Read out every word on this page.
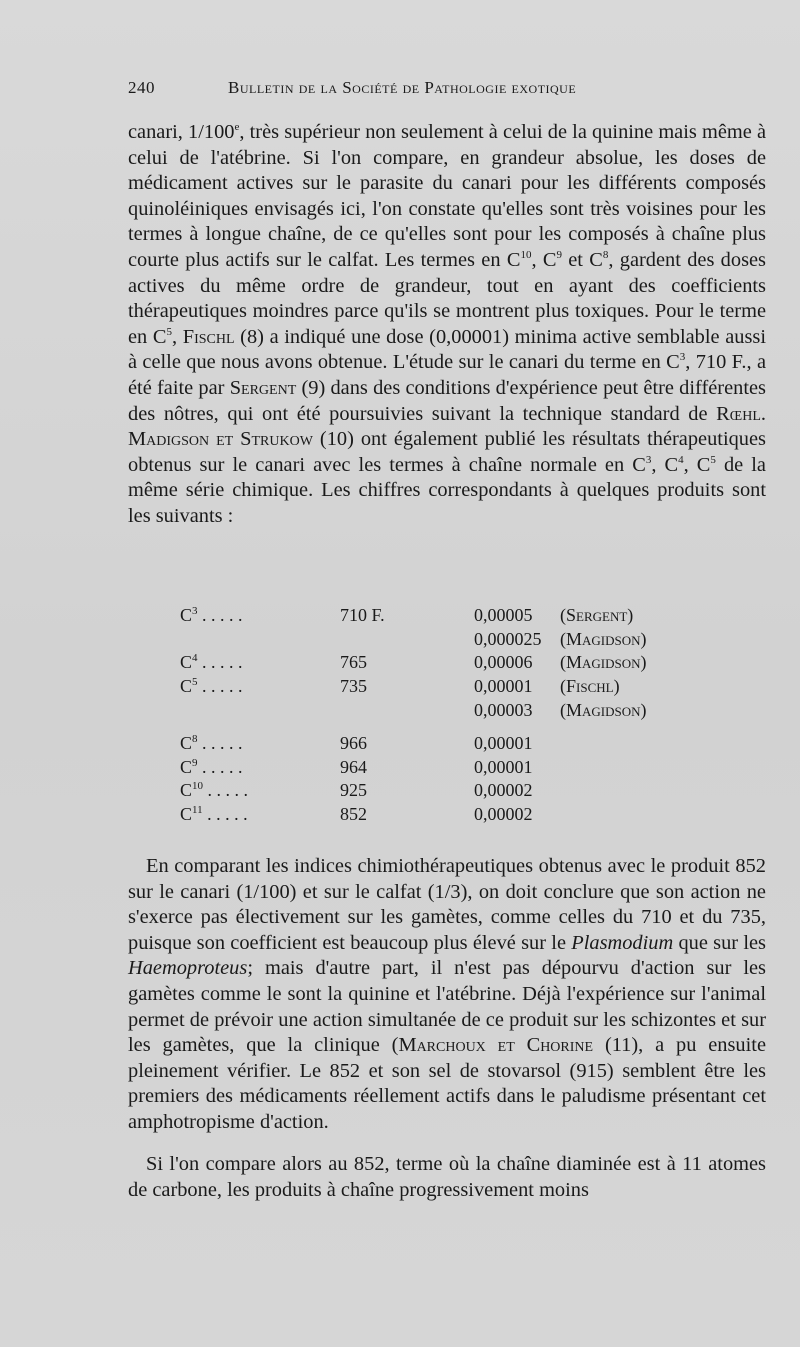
240	Bulletin de la Société de Pathologie exotique
canari, 1/100e, très supérieur non seulement à celui de la quinine mais même à celui de l'atébrine. Si l'on compare, en grandeur absolue, les doses de médicament actives sur le parasite du canari pour les différents composés quinoléiniques envisagés ici, l'on constate qu'elles sont très voisines pour les termes à longue chaîne, de ce qu'elles sont pour les composés à chaîne plus courte plus actifs sur le calfat. Les termes en $C^{10}$, $C^9$ et $C^8$, gardent des doses actives du même ordre de grandeur, tout en ayant des coefficients thérapeutiques moindres parce qu'ils se montrent plus toxiques. Pour le terme en $C^5$, Fischl (8) a indiqué une dose (0,00001) minima active semblable aussi à celle que nous avons obtenue. L'étude sur le canari du terme en $C^3$, 710 F., a été faite par Sergent (9) dans des conditions d'expérience peut être différentes des nôtres, qui ont été poursuivies suivant la technique standard de Rœhl. Madigson et Strukow (10) ont également publié les résultats thérapeutiques obtenus sur le canari avec les termes à chaîne normale en $C^3$, $C^4$, $C^5$ de la même série chimique. Les chiffres correspondants à quelques produits sont les suivants :
$C^3$ . . . . .	710 F.	0,00005	(Sergent)
		0,000025	(Magidson)
$C^4$ . . . . .	765	0,00006	(Magidson)
$C^5$ . . . . .	735	0,00001	(Fischl)
		0,00003	(Magidson)

$C^8$ . . . . .	966	0,00001	
$C^9$ . . . . .	964	0,00001	
$C^{10}$ . . . . .	925	0,00002	
$C^{11}$ . . . . .	852	0,00002	
En comparant les indices chimiothérapeutiques obtenus avec le produit 852 sur le canari (1/100) et sur le calfat (1/3), on doit conclure que son action ne s'exerce pas électivement sur les gamètes, comme celles du 710 et du 735, puisque son coefficient est beaucoup plus élevé sur le Plasmodium que sur les Haemoproteus; mais d'autre part, il n'est pas dépourvu d'action sur les gamètes comme le sont la quinine et l'atébrine. Déjà l'expérience sur l'animal permet de prévoir une action simultanée de ce produit sur les schizontes et sur les gamètes, que la clinique (Marchoux et Chorine (11), a pu ensuite pleinement vérifier. Le 852 et son sel de stovarsol (915) semblent être les premiers des médicaments réellement actifs dans le paludisme présentant cet amphotropisme d'action.
Si l'on compare alors au 852, terme où la chaîne diaminée est à 11 atomes de carbone, les produits à chaîne progressivement moins
